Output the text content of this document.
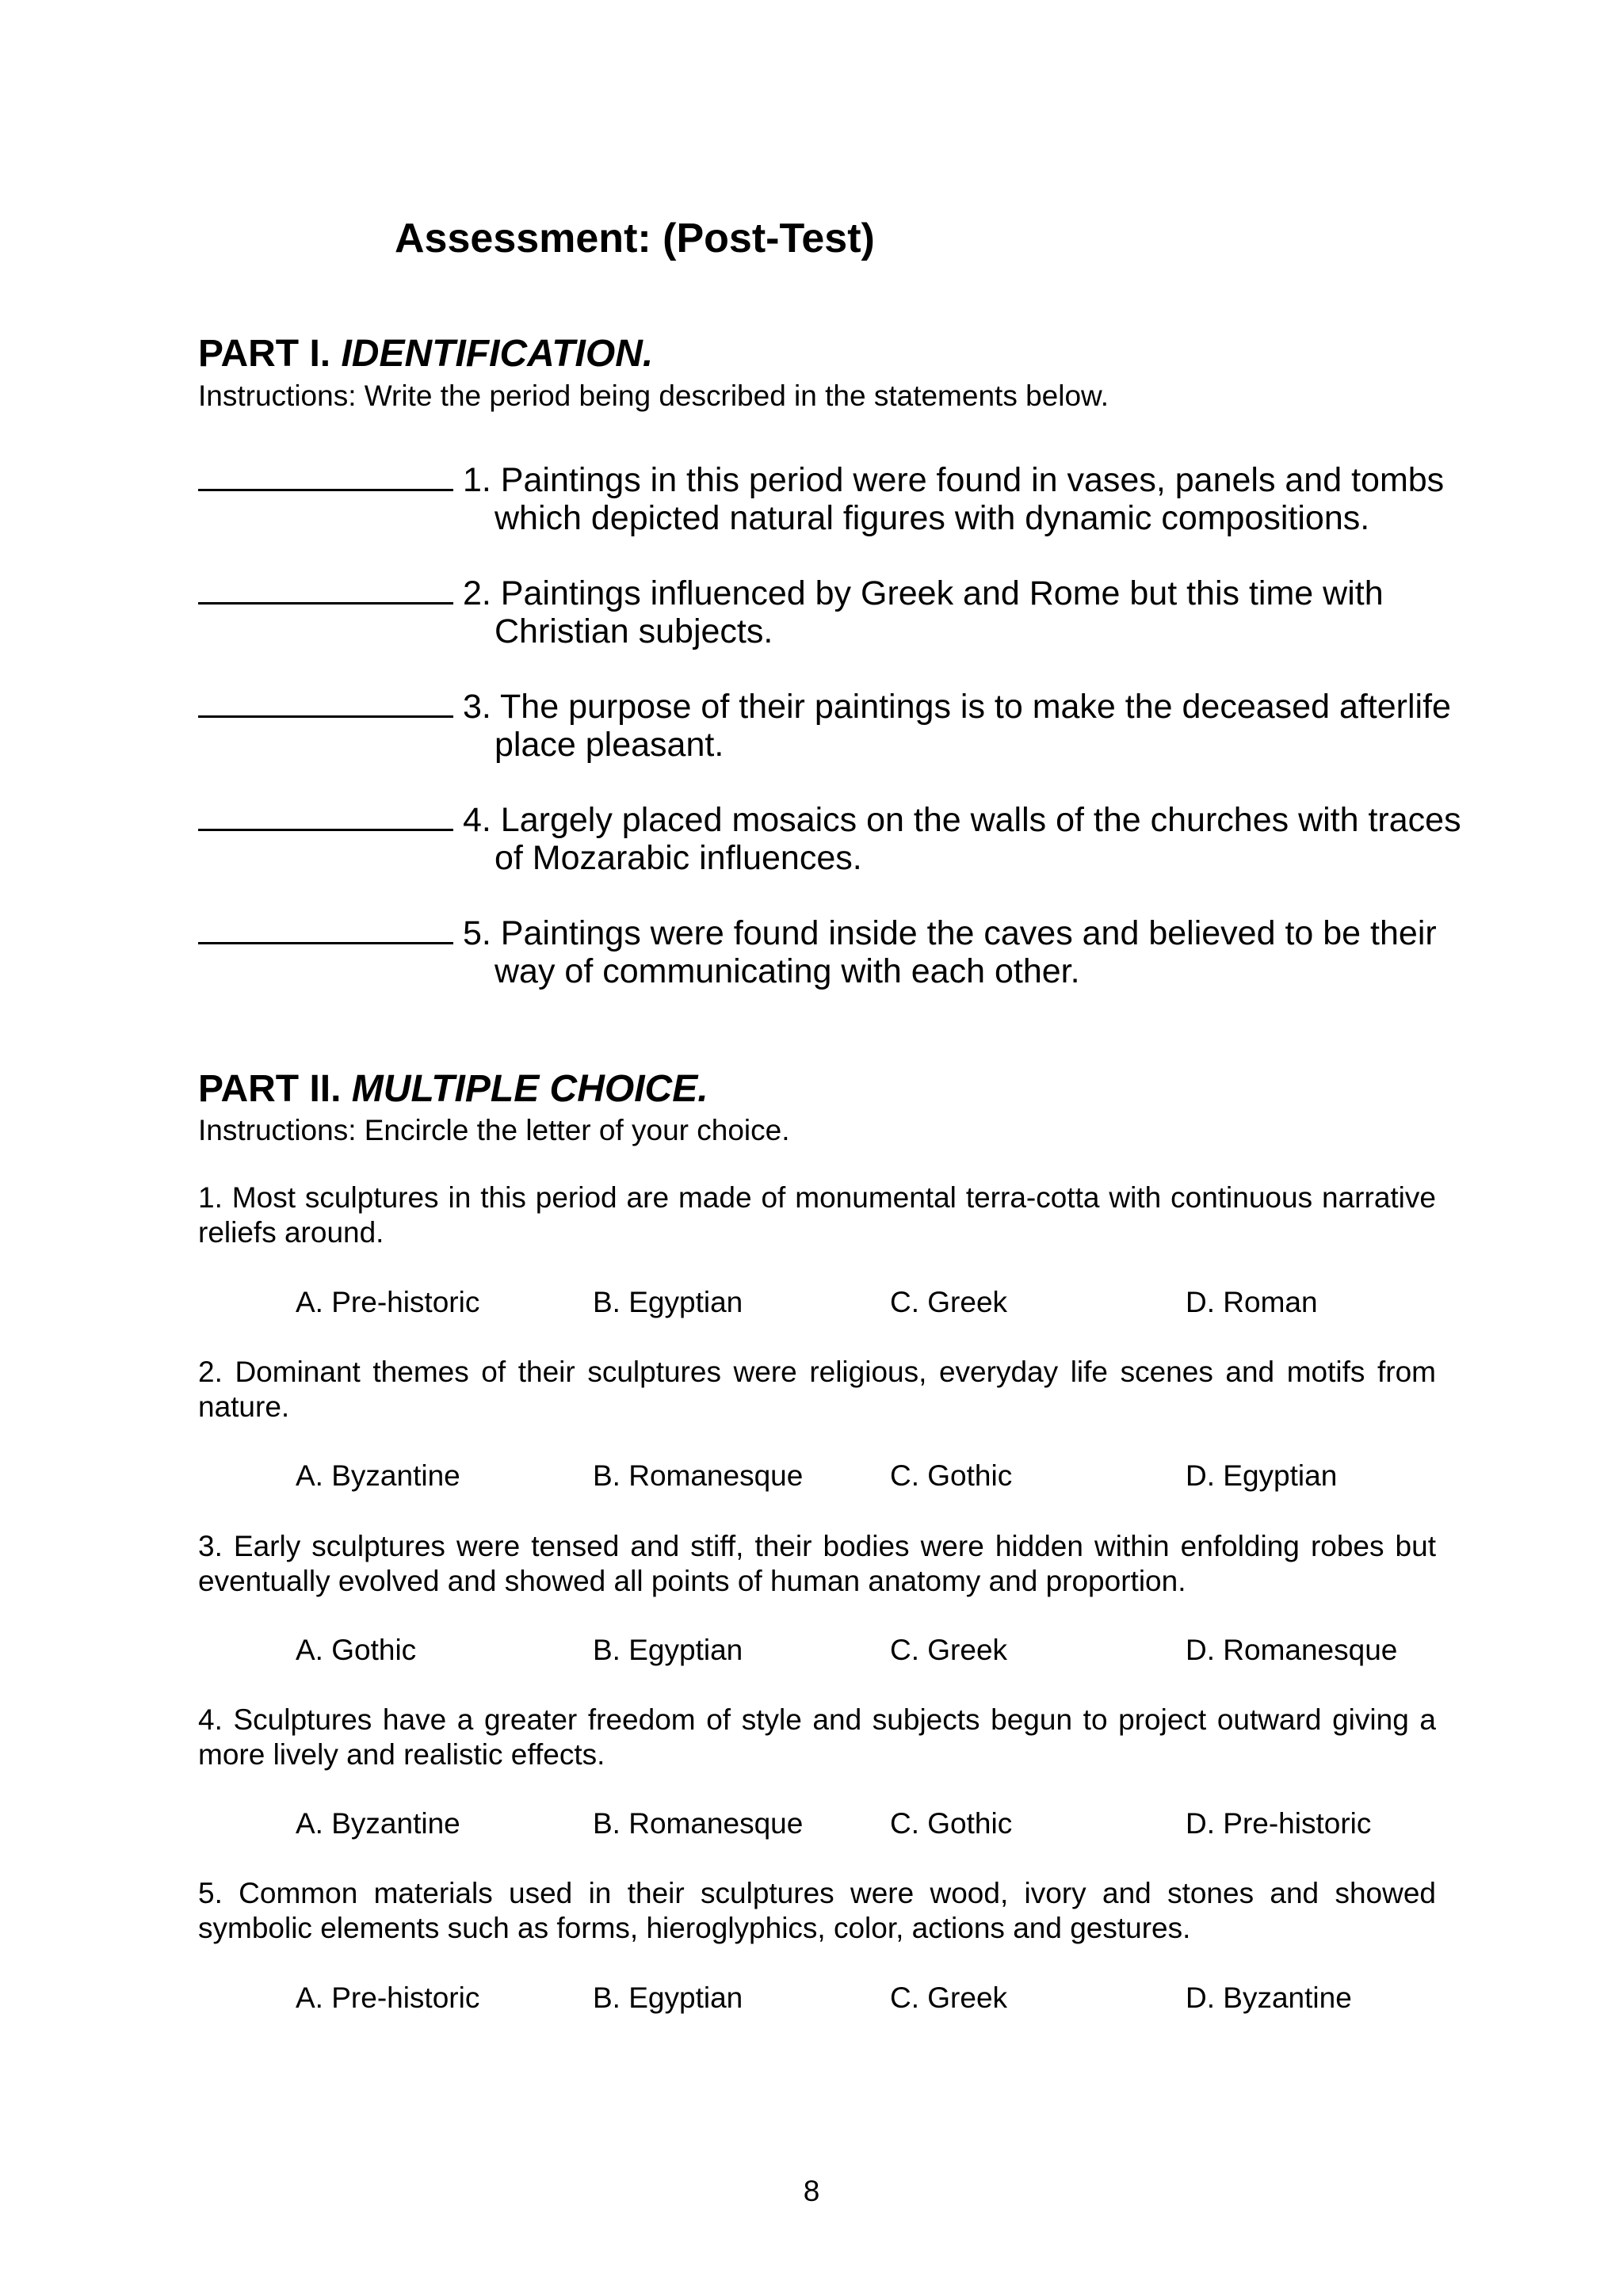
Assessment: (Post-Test)
PART I. IDENTIFICATION.

Instructions: Write the period being described in the statements below.

1. Paintings in this period were found in vases, panels and tombs
which depicted natural figures with dynamic compositions.
2. Paintings influenced by Greek and Rome but this time with
Christian subjects.
3. The purpose of their paintings is to make the deceased afterlife
place pleasant.
4. Largely placed mosaics on the walls of the churches with traces
of Mozarabic influences.
5. Paintings were found inside the caves and believed to be their
way of communicating with each other.
PART II. MULTIPLE CHOICE.

Instructions: Encircle the letter of your choice.

1. Most sculptures in this period are made of monumental terra-cotta with continuous narrative reliefs around.
A. Pre-historic	B. Egyptian	C. Greek	D. Roman
2. Dominant themes of their sculptures were religious, everyday life scenes and motifs from nature.
A. Byzantine	B. Romanesque	C. Gothic	D. Egyptian
3. Early sculptures were tensed and stiff, their bodies were hidden within enfolding robes but eventually evolved and showed all points of human anatomy and proportion.
A. Gothic	B. Egyptian	C. Greek	D. Romanesque
4. Sculptures have a greater freedom of style and subjects begun to project outward giving a more lively and realistic effects.
A. Byzantine	B. Romanesque	C. Gothic	D. Pre-historic
5. Common materials used in their sculptures were wood, ivory and stones and showed symbolic elements such as forms, hieroglyphics, color, actions and gestures.
A. Pre-historic	B. Egyptian	C. Greek	D. Byzantine
8
